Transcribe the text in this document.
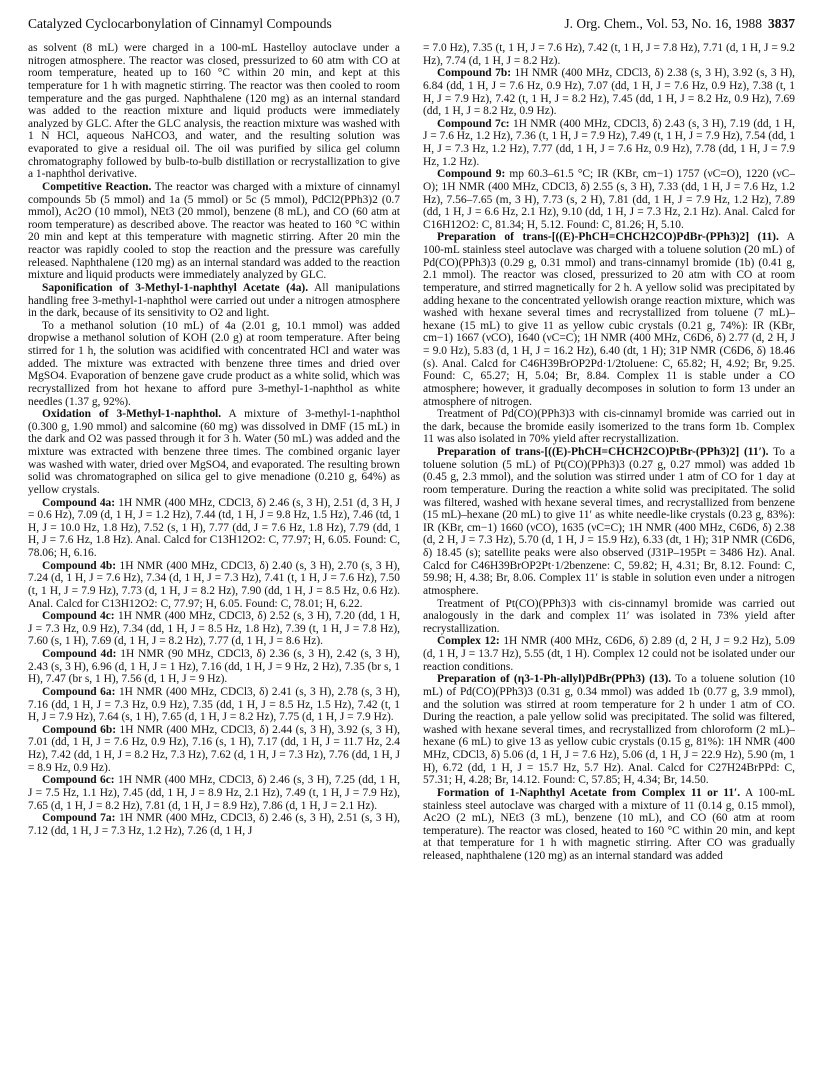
Catalyzed Cyclocarbonylation of Cinnamyl Compounds	J. Org. Chem., Vol. 53, No. 16, 1988 3837

as solvent (8 mL) were charged in a 100-mL Hastelloy autoclave under a nitrogen atmosphere. The reactor was closed, pressurized to 60 atm with CO at room temperature, heated up to 160 °C within 20 min, and kept at this temperature for 1 h with magnetic stirring. The reactor was then cooled to room temperature and the gas purged. Naphthalene (120 mg) as an internal standard was added to the reaction mixture and liquid products were immediately analyzed by GLC. After the GLC analysis, the reaction mixture was washed with 1 N HCl, aqueous NaHCO3, and water, and the resulting solution was evaporated to give a residual oil. The oil was purified by silica gel column chromatography followed by bulb-to-bulb distillation or recrystallization to give a 1-naphthol derivative.

Competitive Reaction. The reactor was charged with a mixture of cinnamyl compounds 5b (5 mmol) and 1a (5 mmol) or 5c (5 mmol), PdCl2(PPh3)2 (0.7 mmol), Ac2O (10 mmol), NEt3 (20 mmol), benzene (8 mL), and CO (60 atm at room temperature) as described above. The reactor was heated to 160 °C within 20 min and kept at this temperature with magnetic stirring. After 20 min the reactor was rapidly cooled to stop the reaction and the pressure was carefully released. Naphthalene (120 mg) as an internal standard was added to the reaction mixture and liquid products were immediately analyzed by GLC.

Saponification of 3-Methyl-1-naphthyl Acetate (4a). All manipulations handling free 3-methyl-1-naphthol were carried out under a nitrogen atmosphere in the dark, because of its sensitivity to O2 and light.

To a methanol solution (10 mL) of 4a (2.01 g, 10.1 mmol) was added dropwise a methanol solution of KOH (2.0 g) at room temperature. After being stirred for 1 h, the solution was acidified with concentrated HCl and water was added. The mixture was extracted with benzene three times and dried over MgSO4. Evaporation of benzene gave crude product as a white solid, which was recrystallized from hot hexane to afford pure 3-methyl-1-naphthol as white needles (1.37 g, 92%).

Oxidation of 3-Methyl-1-naphthol. A mixture of 3-methyl-1-naphthol (0.300 g, 1.90 mmol) and salcomine (60 mg) was dissolved in DMF (15 mL) in the dark and O2 was passed through it for 3 h. Water (50 mL) was added and the mixture was extracted with benzene three times. The combined organic layer was washed with water, dried over MgSO4, and evaporated. The resulting brown solid was chromatographed on silica gel to give menadione (0.210 g, 64%) as yellow crystals.

Compound 4a: 1H NMR (400 MHz, CDCl3, δ) 2.46 (s, 3 H), 2.51 (d, 3 H, J = 0.6 Hz), 7.09 (d, 1 H, J = 1.2 Hz), 7.44 (td, 1 H, J = 9.8 Hz, 1.5 Hz), 7.46 (td, 1 H, J = 10.0 Hz, 1.8 Hz), 7.52 (s, 1 H), 7.77 (dd, J = 7.6 Hz, 1.8 Hz), 7.79 (dd, 1 H, J = 7.6 Hz, 1.8 Hz). Anal. Calcd for C13H12O2: C, 77.97; H, 6.05. Found: C, 78.06; H, 6.16.

Compound 4b: 1H NMR (400 MHz, CDCl3, δ) 2.40 (s, 3 H), 2.70 (s, 3 H), 7.24 (d, 1 H, J = 7.6 Hz), 7.34 (d, 1 H, J = 7.3 Hz), 7.41 (t, 1 H, J = 7.6 Hz), 7.50 (t, 1 H, J = 7.9 Hz), 7.73 (d, 1 H, J = 8.2 Hz), 7.90 (dd, 1 H, J = 8.5 Hz, 0.6 Hz). Anal. Calcd for C13H12O2: C, 77.97; H, 6.05. Found: C, 78.01; H, 6.22.

Compound 4c: 1H NMR (400 MHz, CDCl3, δ) 2.52 (s, 3 H), 7.20 (dd, 1 H, J = 7.3 Hz, 0.9 Hz), 7.34 (dd, 1 H, J = 8.5 Hz, 1.8 Hz), 7.39 (t, 1 H, J = 7.8 Hz), 7.60 (s, 1 H), 7.69 (d, 1 H, J = 8.2 Hz), 7.77 (d, 1 H, J = 8.6 Hz).

Compound 4d: 1H NMR (90 MHz, CDCl3, δ) 2.36 (s, 3 H), 2.42 (s, 3 H), 2.43 (s, 3 H), 6.96 (d, 1 H, J = 1 Hz), 7.16 (dd, 1 H, J = 9 Hz, 2 Hz), 7.35 (br s, 1 H), 7.47 (br s, 1 H), 7.56 (d, 1 H, J = 9 Hz).

Compound 6a: 1H NMR (400 MHz, CDCl3, δ) 2.41 (s, 3 H), 2.78 (s, 3 H), 7.16 (dd, 1 H, J = 7.3 Hz, 0.9 Hz), 7.35 (dd, 1 H, J = 8.5 Hz, 1.5 Hz), 7.42 (t, 1 H, J = 7.9 Hz), 7.64 (s, 1 H), 7.65 (d, 1 H, J = 8.2 Hz), 7.75 (d, 1 H, J = 7.9 Hz).

Compound 6b: 1H NMR (400 MHz, CDCl3, δ) 2.44 (s, 3 H), 3.92 (s, 3 H), 7.01 (dd, 1 H, J = 7.6 Hz, 0.9 Hz), 7.16 (s, 1 H), 7.17 (dd, 1 H, J = 11.7 Hz, 2.4 Hz), 7.42 (dd, 1 H, J = 8.2 Hz, 7.3 Hz), 7.62 (d, 1 H, J = 7.3 Hz), 7.76 (dd, 1 H, J = 8.9 Hz, 0.9 Hz).

Compound 6c: 1H NMR (400 MHz, CDCl3, δ) 2.46 (s, 3 H), 7.25 (dd, 1 H, J = 7.5 Hz, 1.1 Hz), 7.45 (dd, 1 H, J = 8.9 Hz, 2.1 Hz), 7.49 (t, 1 H, J = 7.9 Hz), 7.65 (d, 1 H, J = 8.2 Hz), 7.81 (d, 1 H, J = 8.9 Hz), 7.86 (d, 1 H, J = 2.1 Hz).

Compound 7a: 1H NMR (400 MHz, CDCl3, δ) 2.46 (s, 3 H), 2.51 (s, 3 H), 7.12 (dd, 1 H, J = 7.3 Hz, 1.2 Hz), 7.26 (d, 1 H, J

= 7.0 Hz), 7.35 (t, 1 H, J = 7.6 Hz), 7.42 (t, 1 H, J = 7.8 Hz), 7.71 (d, 1 H, J = 9.2 Hz), 7.74 (d, 1 H, J = 8.2 Hz).

Compound 7b: 1H NMR (400 MHz, CDCl3, δ) 2.38 (s, 3 H), 3.92 (s, 3 H), 6.84 (dd, 1 H, J = 7.6 Hz, 0.9 Hz), 7.07 (dd, 1 H, J = 7.6 Hz, 0.9 Hz), 7.38 (t, 1 H, J = 7.9 Hz), 7.42 (t, 1 H, J = 8.2 Hz), 7.45 (dd, 1 H, J = 8.2 Hz, 0.9 Hz), 7.69 (dd, 1 H, J = 8.2 Hz, 0.9 Hz).

Compound 7c: 1H NMR (400 MHz, CDCl3, δ) 2.43 (s, 3 H), 7.19 (dd, 1 H, J = 7.6 Hz, 1.2 Hz), 7.36 (t, 1 H, J = 7.9 Hz), 7.49 (t, 1 H, J = 7.9 Hz), 7.54 (dd, 1 H, J = 7.3 Hz, 1.2 Hz), 7.77 (dd, 1 H, J = 7.6 Hz, 0.9 Hz), 7.78 (dd, 1 H, J = 7.9 Hz, 1.2 Hz).

Compound 9: mp 60.3–61.5 °C; IR (KBr, cm−1) 1757 (νC=O), 1220 (νC–O); 1H NMR (400 MHz, CDCl3, δ) 2.55 (s, 3 H), 7.33 (dd, 1 H, J = 7.6 Hz, 1.2 Hz), 7.56–7.65 (m, 3 H), 7.73 (s, 2 H), 7.81 (dd, 1 H, J = 7.9 Hz, 1.2 Hz), 7.89 (dd, 1 H, J = 6.6 Hz, 2.1 Hz), 9.10 (dd, 1 H, J = 7.3 Hz, 2.1 Hz). Anal. Calcd for C16H12O2: C, 81.34; H, 5.12. Found: C, 81.26; H, 5.10.

Preparation of trans-[((E)-PhCH=CHCH2CO)PdBr-(PPh3)2] (11). A 100-mL stainless steel autoclave was charged with a toluene solution (20 mL) of Pd(CO)(PPh3)3 (0.29 g, 0.31 mmol) and trans-cinnamyl bromide (1b) (0.41 g, 2.1 mmol). The reactor was closed, pressurized to 20 atm with CO at room temperature, and stirred magnetically for 2 h. A yellow solid was precipitated by adding hexane to the concentrated yellowish orange reaction mixture, which was washed with hexane several times and recrystallized from toluene (7 mL)–hexane (15 mL) to give 11 as yellow cubic crystals (0.21 g, 74%): IR (KBr, cm−1) 1667 (νCO), 1640 (νC=C); 1H NMR (400 MHz, C6D6, δ) 2.77 (d, 2 H, J = 9.0 Hz), 5.83 (d, 1 H, J = 16.2 Hz), 6.40 (dt, 1 H); 31P NMR (C6D6, δ) 18.46 (s). Anal. Calcd for C46H39BrOP2Pd·1/2toluene: C, 65.82; H, 4.92; Br, 9.25. Found: C, 65.27; H, 5.04; Br, 8.84. Complex 11 is stable under a CO atmosphere; however, it gradually decomposes in solution to form 13 under an atmosphere of nitrogen.

Treatment of Pd(CO)(PPh3)3 with cis-cinnamyl bromide was carried out in the dark, because the bromide easily isomerized to the trans form 1b. Complex 11 was also isolated in 70% yield after recrystallization.

Preparation of trans-[((E)-PhCH=CHCH2CO)PtBr-(PPh3)2] (11′). To a toluene solution (5 mL) of Pt(CO)(PPh3)3 (0.27 g, 0.27 mmol) was added 1b (0.45 g, 2.3 mmol), and the solution was stirred under 1 atm of CO for 1 day at room temperature. During the reaction a white solid was precipitated. The solid was filtered, washed with hexane several times, and recrystallized from benzene (15 mL)–hexane (20 mL) to give 11′ as white needle-like crystals (0.23 g, 83%): IR (KBr, cm−1) 1660 (νCO), 1635 (νC=C); 1H NMR (400 MHz, C6D6, δ) 2.38 (d, 2 H, J = 7.3 Hz), 5.70 (d, 1 H, J = 15.9 Hz), 6.33 (dt, 1 H); 31P NMR (C6D6, δ) 18.45 (s); satellite peaks were also observed (J31P–195Pt = 3486 Hz). Anal. Calcd for C46H39BrOP2Pt·1/2benzene: C, 59.82; H, 4.31; Br, 8.12. Found: C, 59.98; H, 4.38; Br, 8.06. Complex 11′ is stable in solution even under a nitrogen atmosphere.

Treatment of Pt(CO)(PPh3)3 with cis-cinnamyl bromide was carried out analogously in the dark and complex 11′ was isolated in 73% yield after recrystallization.

Complex 12: 1H NMR (400 MHz, C6D6, δ) 2.89 (d, 2 H, J = 9.2 Hz), 5.09 (d, 1 H, J = 13.7 Hz), 5.55 (dt, 1 H). Complex 12 could not be isolated under our reaction conditions.

Preparation of (η3-1-Ph-allyl)PdBr(PPh3) (13). To a toluene solution (10 mL) of Pd(CO)(PPh3)3 (0.31 g, 0.34 mmol) was added 1b (0.77 g, 3.9 mmol), and the solution was stirred at room temperature for 2 h under 1 atm of CO. During the reaction, a pale yellow solid was precipitated. The solid was filtered, washed with hexane several times, and recrystallized from chloroform (2 mL)–hexane (6 mL) to give 13 as yellow cubic crystals (0.15 g, 81%): 1H NMR (400 MHz, CDCl3, δ) 5.06 (d, 1 H, J = 7.6 Hz), 5.06 (d, 1 H, J = 22.9 Hz), 5.90 (m, 1 H), 6.72 (dd, 1 H, J = 15.7 Hz, 5.7 Hz). Anal. Calcd for C27H24BrPPd: C, 57.31; H, 4.28; Br, 14.12. Found: C, 57.85; H, 4.34; Br, 14.50.

Formation of 1-Naphthyl Acetate from Complex 11 or 11′. A 100-mL stainless steel autoclave was charged with a mixture of 11 (0.14 g, 0.15 mmol), Ac2O (2 mL), NEt3 (3 mL), benzene (10 mL), and CO (60 atm at room temperature). The reactor was closed, heated to 160 °C within 20 min, and kept at that temperature for 1 h with magnetic stirring. After CO was gradually released, naphthalene (120 mg) as an internal standard was added
